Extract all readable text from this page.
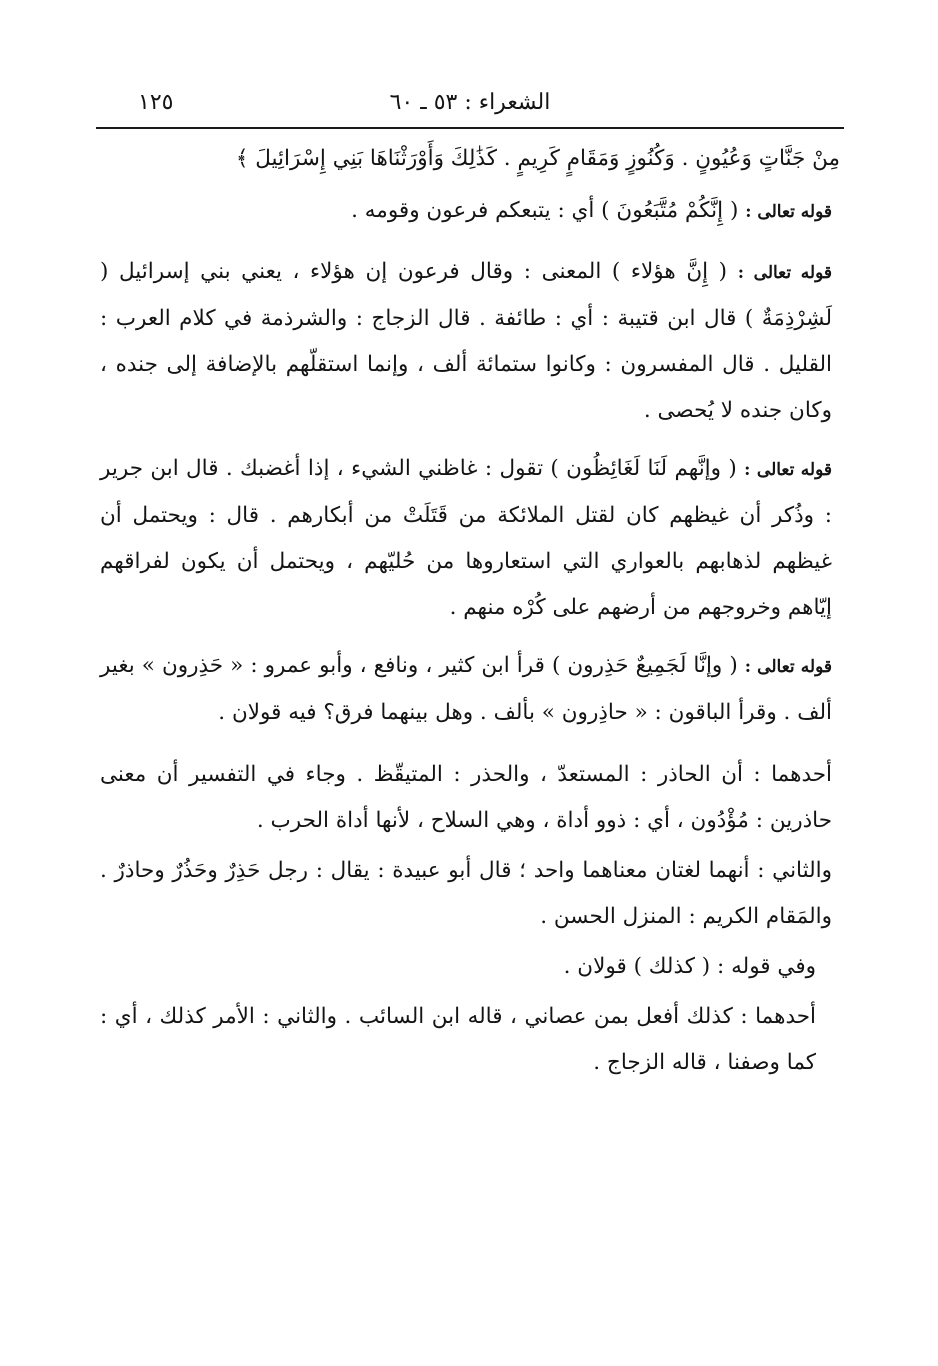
الشعراء : ٥٣ ـ ٦٠
١٢٥

مِنْ جَنَّاتٍ وَعُيُونٍ . وَكُنُوزٍ وَمَقَامٍ كَرِيمٍ . كَذَٰلِكَ وَأَوْرَثْنَاهَا بَنِي إِسْرَائِيلَ ﴾

قوله تعالى : ( إِنَّكُمْ مُتَّبَعُونَ ) أي : يتبعكم فرعون وقومه .

قوله تعالى : ( إِنَّ هؤلاء ) المعنى : وقال فرعون إن هؤلاء ، يعني بني إسرائيل ( لَشِرْذِمَةٌ ) قال ابن قتيبة : أي : طائفة . قال الزجاج : والشرذمة في كلام العرب : القليل . قال المفسرون : وكانوا ستمائة ألف ، وإنما استقلّهم بالإضافة إلى جنده ، وكان جنده لا يُحصى .

قوله تعالى : ( وإنَّهم لَنَا لَغَائِظُون ) تقول : غاظني الشيء ، إذا أغضبك . قال ابن جرير : وذُكر أن غيظهم كان لقتل الملائكة من قَتَلَتْ من أبكارهم . قال : ويحتمل أن غيظهم لذهابهم بالعواري التي استعاروها من حُليّهم ، ويحتمل أن يكون لفراقهم إيّاهم وخروجهم من أرضهم على كُرْه منهم .

قوله تعالى : ( وإنَّا لَجَمِيعٌ حَذِرون ) قرأ ابن كثير ، ونافع ، وأبو عمرو : « حَذِرون » بغير ألف . وقرأ الباقون : « حاذِرون » بألف . وهل بينهما فرق؟ فيه قولان .

أحدهما : أن الحاذر : المستعدّ ، والحذر : المتيقّظ . وجاء في التفسير أن معنى حاذرين : مُؤْدُون ، أي : ذوو أداة ، وهي السلاح ، لأنها أداة الحرب .

والثاني : أنهما لغتان معناهما واحد ؛ قال أبو عبيدة : يقال : رجل حَذِرٌ وحَذُرٌ وحاذرٌ . والمَقام الكريم : المنزل الحسن .

وفي قوله : ( كذلك ) قولان .

أحدهما : كذلك أفعل بمن عصاني ، قاله ابن السائب . والثاني : الأمر كذلك ، أي : كما وصفنا ، قاله الزجاج .
